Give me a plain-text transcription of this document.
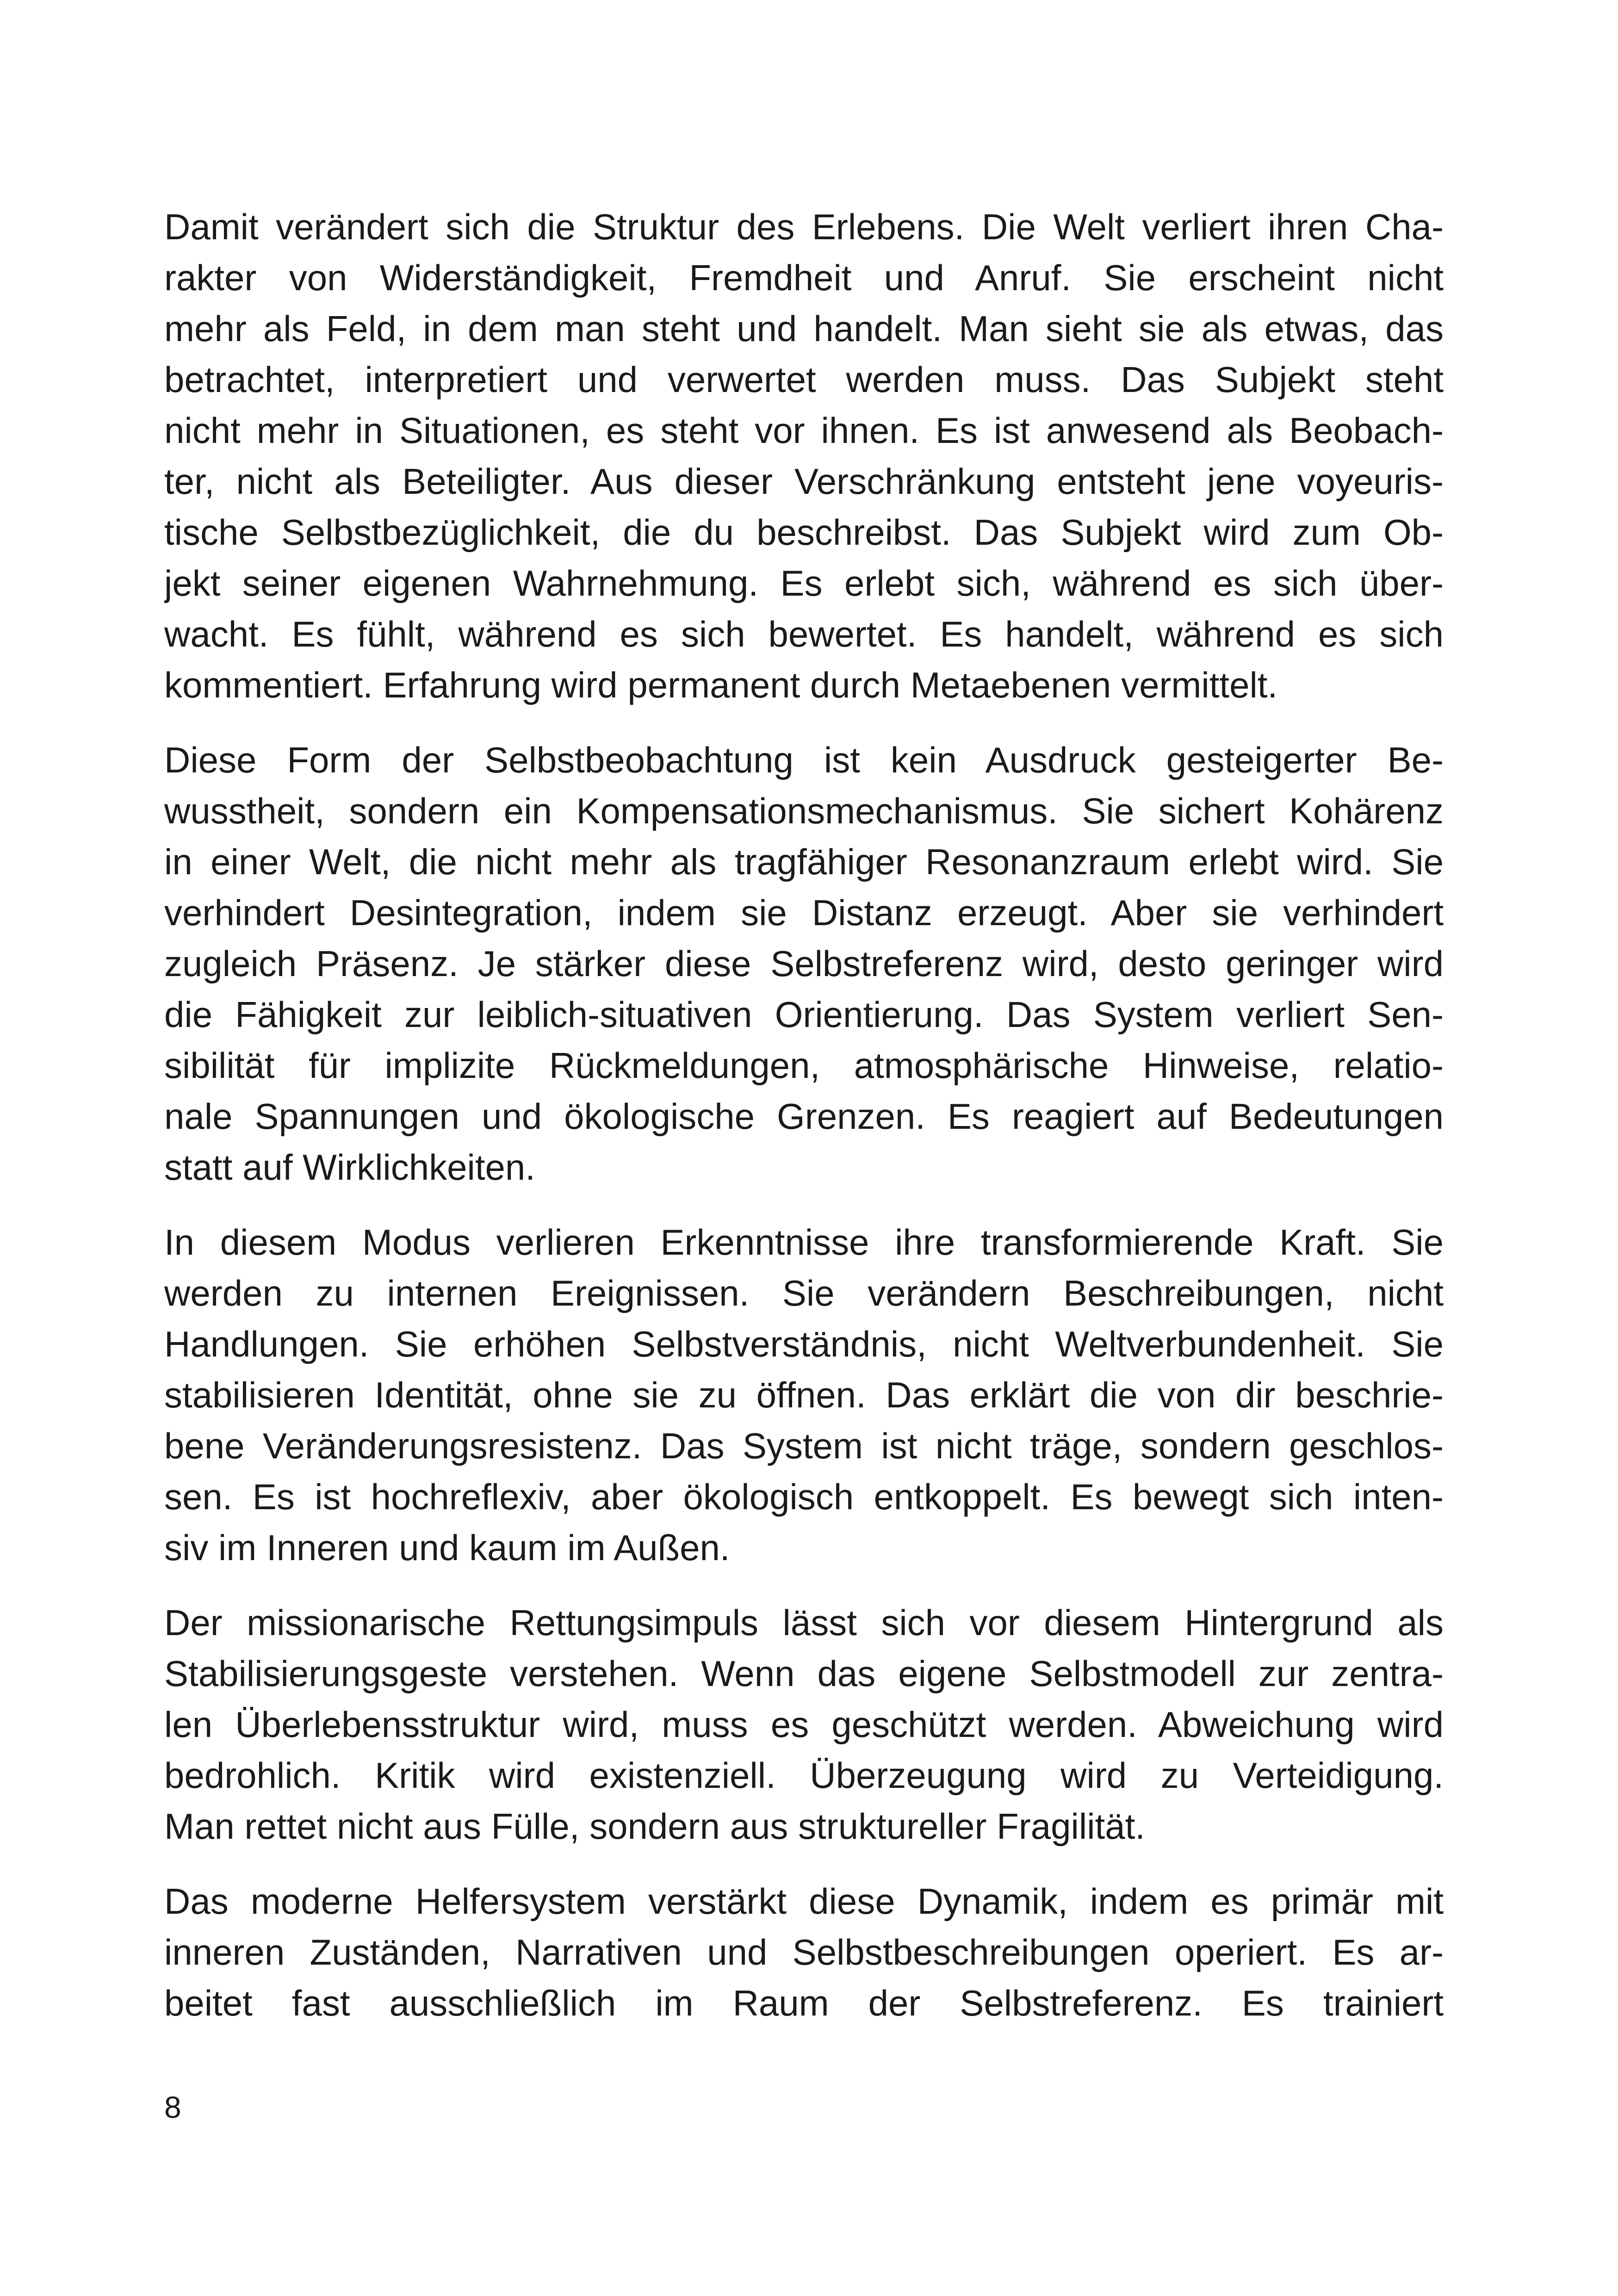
Damit verändert sich die Struktur des Erlebens. Die Welt verliert ihren Cha-
rakter von Widerständigkeit, Fremdheit und Anruf. Sie erscheint nicht
mehr als Feld, in dem man steht und handelt. Man sieht sie als etwas, das
betrachtet, interpretiert und verwertet werden muss. Das Subjekt steht
nicht mehr in Situationen, es steht vor ihnen. Es ist anwesend als Beobach-
ter, nicht als Beteiligter. Aus dieser Verschränkung entsteht jene voyeuris-
tische Selbstbezüglichkeit, die du beschreibst. Das Subjekt wird zum Ob-
jekt seiner eigenen Wahrnehmung. Es erlebt sich, während es sich über-
wacht. Es fühlt, während es sich bewertet. Es handelt, während es sich
kommentiert. Erfahrung wird permanent durch Metaebenen vermittelt.
Diese Form der Selbstbeobachtung ist kein Ausdruck gesteigerter Be-
wusstheit, sondern ein Kompensationsmechanismus. Sie sichert Kohärenz
in einer Welt, die nicht mehr als tragfähiger Resonanzraum erlebt wird. Sie
verhindert Desintegration, indem sie Distanz erzeugt. Aber sie verhindert
zugleich Präsenz. Je stärker diese Selbstreferenz wird, desto geringer wird
die Fähigkeit zur leiblich-situativen Orientierung. Das System verliert Sen-
sibilität für implizite Rückmeldungen, atmosphärische Hinweise, relatio-
nale Spannungen und ökologische Grenzen. Es reagiert auf Bedeutungen
statt auf Wirklichkeiten.
In diesem Modus verlieren Erkenntnisse ihre transformierende Kraft. Sie
werden zu internen Ereignissen. Sie verändern Beschreibungen, nicht
Handlungen. Sie erhöhen Selbstverständnis, nicht Weltverbundenheit. Sie
stabilisieren Identität, ohne sie zu öffnen. Das erklärt die von dir beschrie-
bene Veränderungsresistenz. Das System ist nicht träge, sondern geschlos-
sen. Es ist hochreflexiv, aber ökologisch entkoppelt. Es bewegt sich inten-
siv im Inneren und kaum im Außen.
Der missionarische Rettungsimpuls lässt sich vor diesem Hintergrund als
Stabilisierungsgeste verstehen. Wenn das eigene Selbstmodell zur zentra-
len Überlebensstruktur wird, muss es geschützt werden. Abweichung wird
bedrohlich. Kritik wird existenziell. Überzeugung wird zu Verteidigung.
Man rettet nicht aus Fülle, sondern aus struktureller Fragilität.
Das moderne Helfersystem verstärkt diese Dynamik, indem es primär mit
inneren Zuständen, Narrativen und Selbstbeschreibungen operiert. Es ar-
beitet fast ausschließlich im Raum der Selbstreferenz. Es trainiert
8
